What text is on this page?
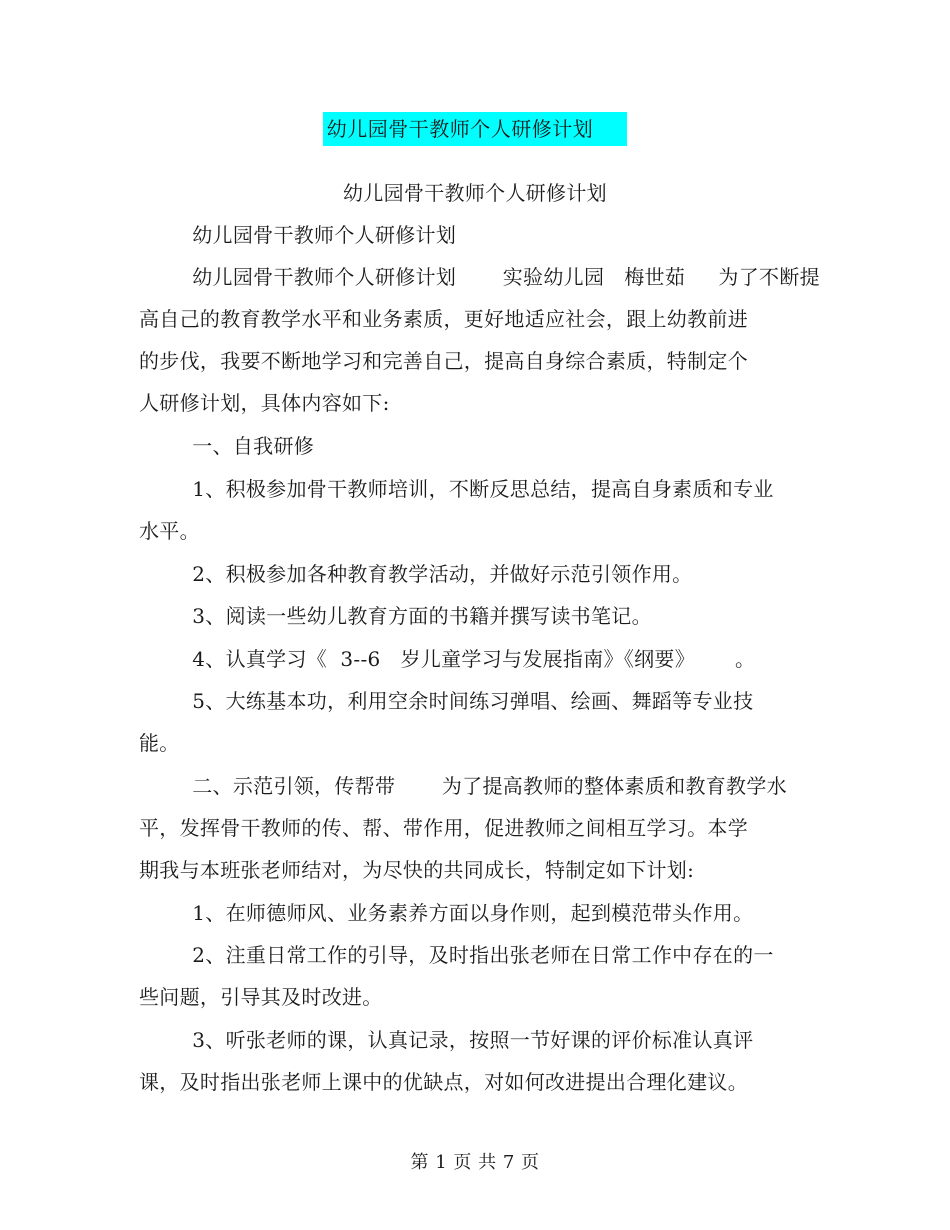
幼儿园骨干教师个人研修计划
幼儿园骨干教师个人研修计划
幼儿园骨干教师个人研修计划
幼儿园骨干教师个人研修计划       实验幼儿园   梅世茹     为了不断提
高自己的教育教学水平和业务素质，更好地适应社会，跟上幼教前进
的步伐，我要不断地学习和完善自己，提高自身综合素质，特制定个
人研修计划，具体内容如下:
一、自我研修
1、积极参加骨干教师培训，不断反思总结，提高自身素质和专业
水平。
2、积极参加各种教育教学活动，并做好示范引领作用。
3、阅读一些幼儿教育方面的书籍并撰写读书笔记。
4、认真学习《  3--6   岁儿童学习与发展指南》《纲要》      。
5、大练基本功，利用空余时间练习弹唱、绘画、舞蹈等专业技
能。
二、示范引领，传帮带       为了提高教师的整体素质和教育教学水
平，发挥骨干教师的传、帮、带作用，促进教师之间相互学习。本学
期我与本班张老师结对，为尽快的共同成长，特制定如下计划:
1、在师德师风、业务素养方面以身作则，起到模范带头作用。
2、注重日常工作的引导，及时指出张老师在日常工作中存在的一
些问题，引导其及时改进。
3、听张老师的课，认真记录，按照一节好课的评价标准认真评
课，及时指出张老师上课中的优缺点，对如何改进提出合理化建议。
第 1 页 共 7 页
